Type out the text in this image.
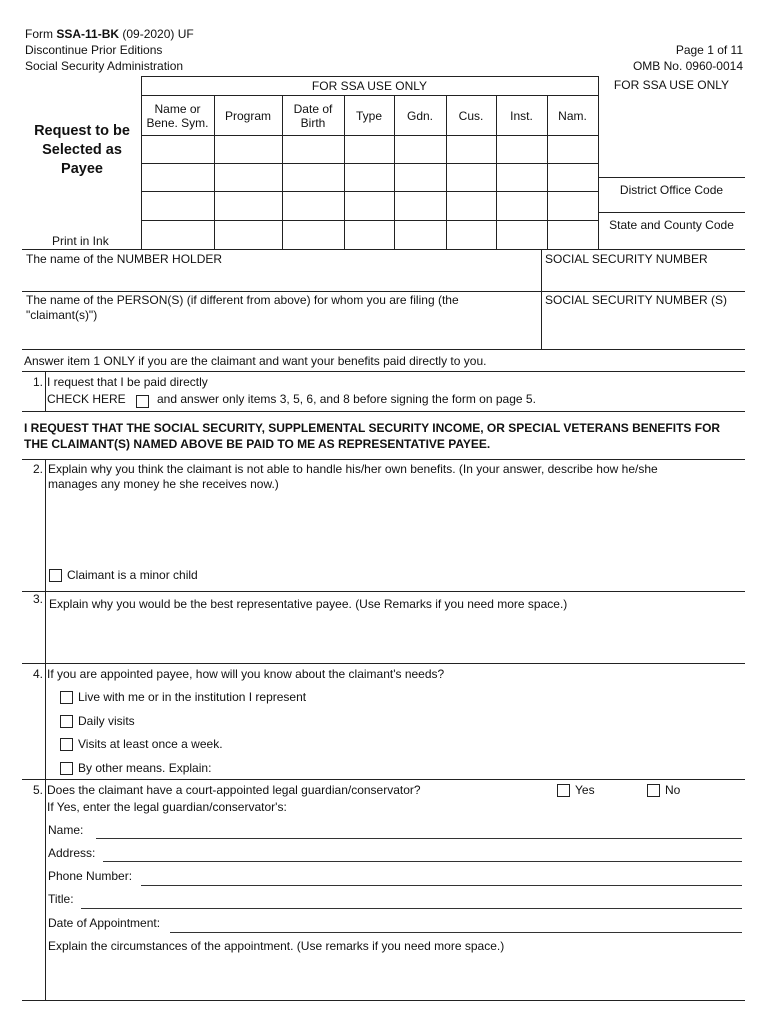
Form SSA-11-BK (09-2020) UF
Discontinue Prior Editions
Social Security Administration
Page 1 of 11
OMB No. 0960-0014
Request to be
Selected as
Payee
Print in Ink
FOR SSA USE ONLY	FOR SSA USE ONLY
Name or Bene. Sym.	Program	Date of Birth	Type	Gdn.	Cus.	Inst.	Nam.
District Office Code
State and County Code
The name of the NUMBER HOLDER	SOCIAL SECURITY NUMBER
The name of the PERSON(S) (if different from above) for whom you are filing (the "claimant(s)")
SOCIAL SECURITY NUMBER (S)
Answer item 1 ONLY if you are the claimant and want your benefits paid directly to you.
1. I request that I be paid directly
CHECK HERE	and answer only items 3, 5, 6, and 8 before signing the form on page 5.
I REQUEST THAT THE SOCIAL SECURITY, SUPPLEMENTAL SECURITY INCOME, OR SPECIAL VETERANS BENEFITS FOR THE CLAIMANT(S) NAMED ABOVE BE PAID TO ME AS REPRESENTATIVE PAYEE.
2. Explain why you think the claimant is not able to handle his/her own benefits. (In your answer, describe how he/she manages any money he she receives now.)
Claimant is a minor child
3. Explain why you would be the best representative payee. (Use Remarks if you need more space.)
4. If you are appointed payee, how will you know about the claimant's needs?
Live with me or in the institution I represent
Daily visits
Visits at least once a week.
By other means. Explain:
5. Does the claimant have a court-appointed legal guardian/conservator?	Yes	No
If Yes, enter the legal guardian/conservator's:
Name:
Address:
Phone Number:
Title:
Date of Appointment:
Explain the circumstances of the appointment. (Use remarks if you need more space.)
